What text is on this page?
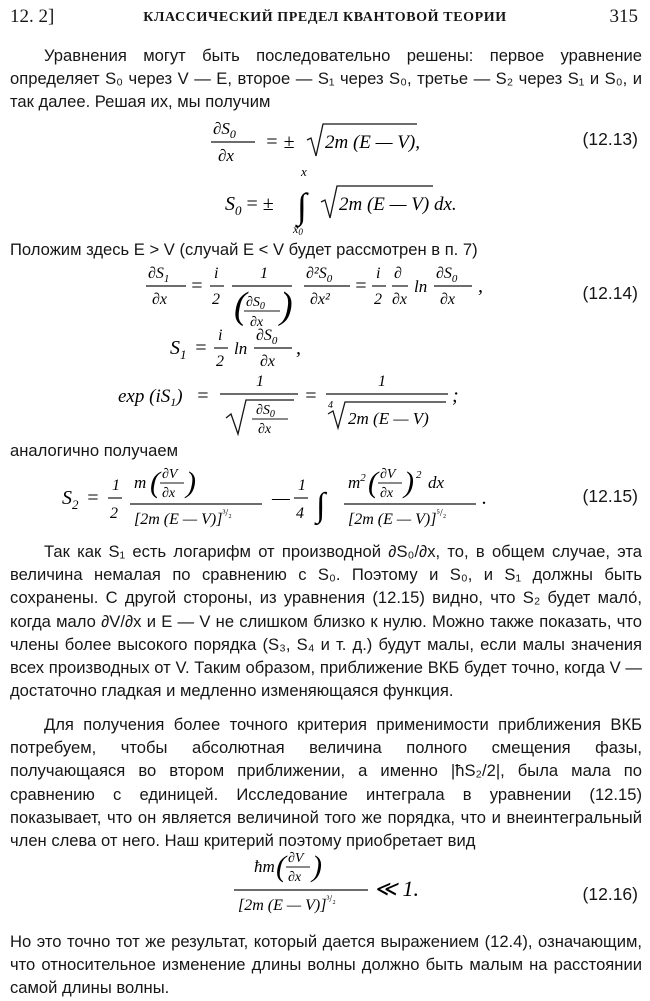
12. 2]	КЛАССИЧЕСКИЙ ПРЕДЕЛ КВАНТОВОЙ ТЕОРИИ	315

Уравнения могут быть последовательно решены: первое уравнение определяет S₀ через V — E, второе — S₁ через S₀, третье — S₂ через S₁ и S₀, и так далее. Решая их, мы получим

$\partial S_0$
∂x
= ± 2m (E — V),
x
$S_0$ = ± ∫
x0
2m (E — V) dx.
(12.13)

Положим здесь E > V (случай E < V будет рассмотрен в п. 7)

$\partial S_1$
∂x
=
i
2
1
( $\partial S_0$
∂x )
$\partial^2S_0$
∂x²
=
i
2
∂
∂x
ln
$\partial S_0$
∂x
,
$S_1$ =
i
2
ln
$\partial S_0$
∂x
,
$\exp (iS_1)$ =
1
$\partial S_0$
∂x
=
1
4
2m (E — V)
;
(12.14)

аналогично получаем

$S_2$ =
1
2
m ( ∂V
∂x )
[2m (E — V)]$^{^3/_2}$
—
1
4 ∫
$m^2$ ( ∂V
∂x ) 2 dx
[2m (E — V)]$^{^5/_2}$
.	(12.15)

Так как S₁ есть логарифм от производной ∂S₀/∂x, то, в общем случае, эта величина немалая по сравнению с S₀. Поэтому и S₀, и S₁ должны быть сохранены. С другой стороны, из уравнения (12.15) видно, что S₂ будет мало́, когда мало ∂V/∂x и E — V не слишком близко к нулю. Можно также показать, что члены более высокого порядка (S₃, S₄ и т. д.) будут малы, если малы значения всех производных от V. Таким образом, приближение ВКБ будет точно, когда V — достаточно гладкая и медленно изменяющаяся функция.

Для получения более точного критерия применимости приближения ВКБ потребуем, чтобы абсолютная величина полного смещения фазы, получающаяся во втором приближении, а именно |ħS₂/2|, была мала по сравнению с единицей. Исследование интеграла в уравнении (12.15) показывает, что он является величиной того же порядка, что и внеинтегральный член слева от него. Наш критерий поэтому приобретает вид

ħm ( ∂V
∂x )
[2m (E — V)]$^{^3/_2}$ ≪ 1.	(12.16)

Но это точно тот же результат, который дается выражением (12.4), означающим, что относительное изменение длины волны должно быть малым на расстоянии самой длины волны.
